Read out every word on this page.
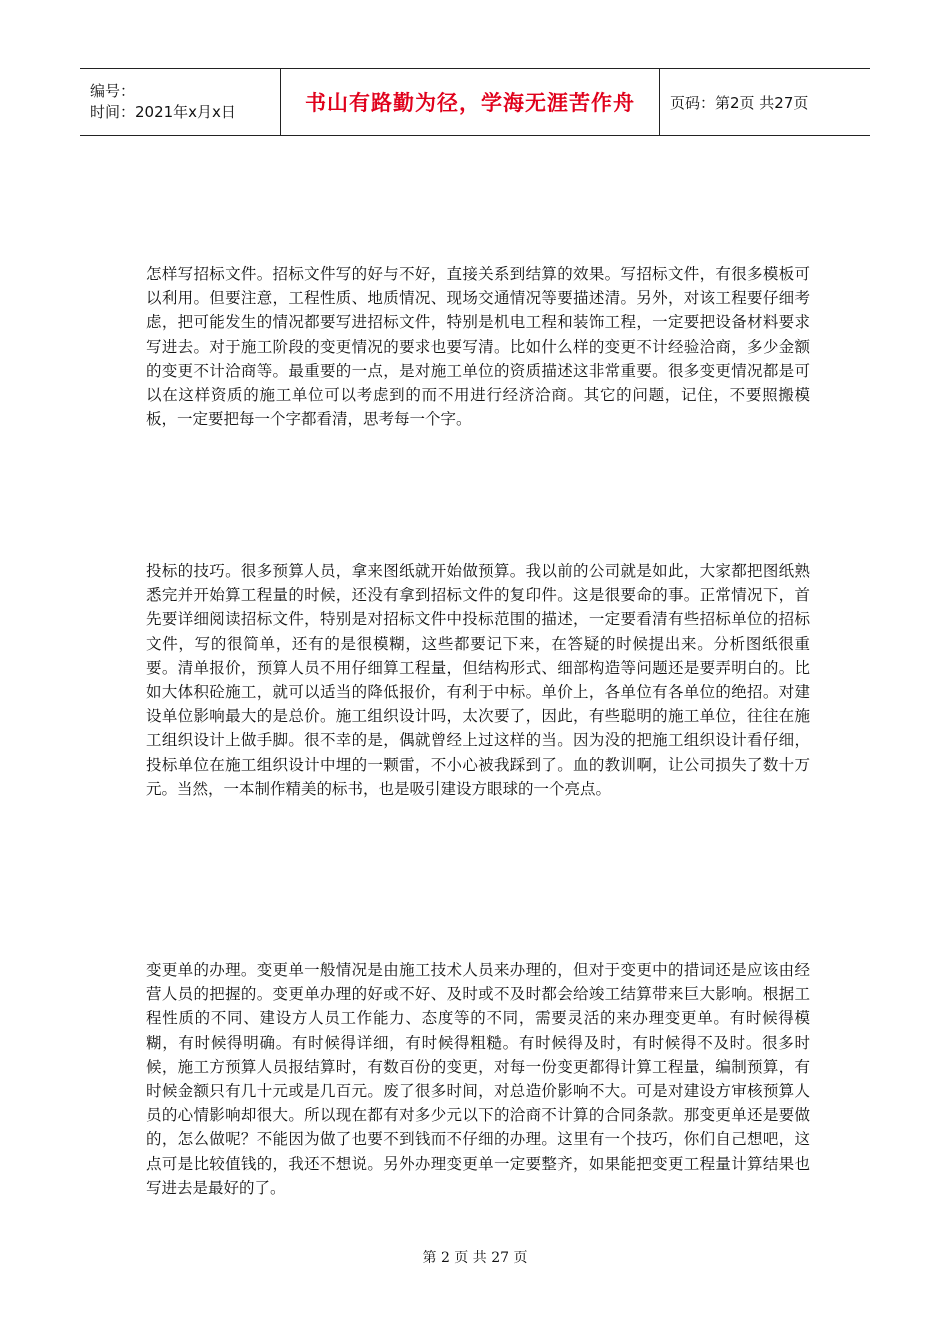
编号：
时间：2021年x月x日	书山有路勤为径，学海无涯苦作舟 页码：第2页 共27页

怎样写招标文件。招标文件写的好与不好，直接关系到结算的效果。写招标文件，有很多模板可以利用。但要注意，工程性质、地质情况、现场交通情况等要描述清。另外，对该工程要仔细考虑，把可能发生的情况都要写进招标文件，特别是机电工程和装饰工程，一定要把设备材料要求写进去。对于施工阶段的变更情况的要求也要写清。比如什么样的变更不计经验洽商，多少金额的变更不计洽商等。最重要的一点，是对施工单位的资质描述这非常重要。很多变更情况都是可以在这样资质的施工单位可以考虑到的而不用进行经济洽商。其它的问题，记住，不要照搬模板，一定要把每一个字都看清，思考每一个字。

投标的技巧。很多预算人员，拿来图纸就开始做预算。我以前的公司就是如此，大家都把图纸熟悉完并开始算工程量的时候，还没有拿到招标文件的复印件。这是很要命的事。正常情况下，首先要详细阅读招标文件，特别是对招标文件中投标范围的描述，一定要看清有些招标单位的招标文件，写的很简单，还有的是很模糊，这些都要记下来，在答疑的时候提出来。分析图纸很重要。清单报价，预算人员不用仔细算工程量，但结构形式、细部构造等问题还是要弄明白的。比如大体积砼施工，就可以适当的降低报价，有利于中标。单价上，各单位有各单位的绝招。对建设单位影响最大的是总价。施工组织设计吗，太次要了，因此，有些聪明的施工单位，往往在施工组织设计上做手脚。很不幸的是，偶就曾经上过这样的当。因为没的把施工组织设计看仔细，投标单位在施工组织设计中埋的一颗雷，不小心被我踩到了。血的教训啊，让公司损失了数十万元。当然，一本制作精美的标书，也是吸引建设方眼球的一个亮点。

变更单的办理。变更单一般情况是由施工技术人员来办理的，但对于变更中的措词还是应该由经营人员的把握的。变更单办理的好或不好、及时或不及时都会给竣工结算带来巨大影响。根据工程性质的不同、建设方人员工作能力、态度等的不同，需要灵活的来办理变更单。有时候得模糊，有时候得明确。有时候得详细，有时候得粗糙。有时候得及时，有时候得不及时。很多时候，施工方预算人员报结算时，有数百份的变更，对每一份变更都得计算工程量，编制预算，有时候金额只有几十元或是几百元。废了很多时间，对总造价影响不大。可是对建设方审核预算人员的心情影响却很大。所以现在都有对多少元以下的洽商不计算的合同条款。那变更单还是要做的，怎么做呢？不能因为做了也要不到钱而不仔细的办理。这里有一个技巧，你们自己想吧，这点可是比较值钱的，我还不想说。另外办理变更单一定要整齐，如果能把变更工程量计算结果也写进去是最好的了。

第 2 页 共 27 页
